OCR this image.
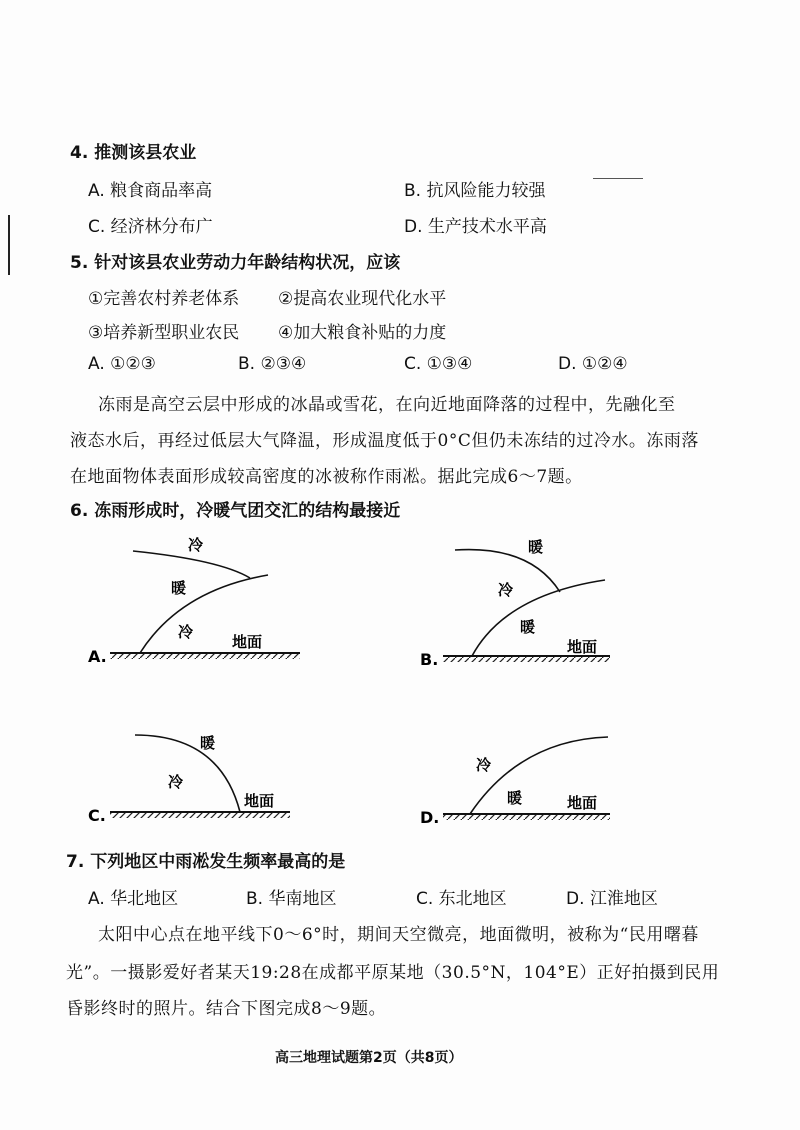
4. 推测该县农业
A. 粮食商品率高	B. 抗风险能力较强
C. 经济林分布广	D. 生产技术水平高
5. 针对该县农业劳动力年龄结构状况，应该
①完善农村养老体系 ②提高农业现代化水平
③培养新型职业农民 ④加大粮食补贴的力度
A. ①②③	B. ②③④	C. ①③④	D. ①②④
冻雨是高空云层中形成的冰晶或雪花，在向近地面降落的过程中，先融化至
液态水后，再经过低层大气降温，形成温度低于0°C但仍未冻结的过冷水。冻雨落
在地面物体表面形成较高密度的冰被称作雨凇。据此完成6～7题。
6. 冻雨形成时，冷暖气团交汇的结构最接近
冷
暖
冷
地面
A.
暖
冷
暖
地面
B.
暖
冷
地面
C.
冷
暖	地面
D.
7. 下列地区中雨凇发生频率最高的是
A. 华北地区	B. 华南地区	C. 东北地区	D. 江淮地区
太阳中心点在地平线下0～6°时，期间天空微亮，地面微明，被称为“民用曙暮
光”。一摄影爱好者某天19:28在成都平原某地（30.5°N，104°E）正好拍摄到民用
昏影终时的照片。结合下图完成8～9题。
高三地理试题第2页（共8页）
